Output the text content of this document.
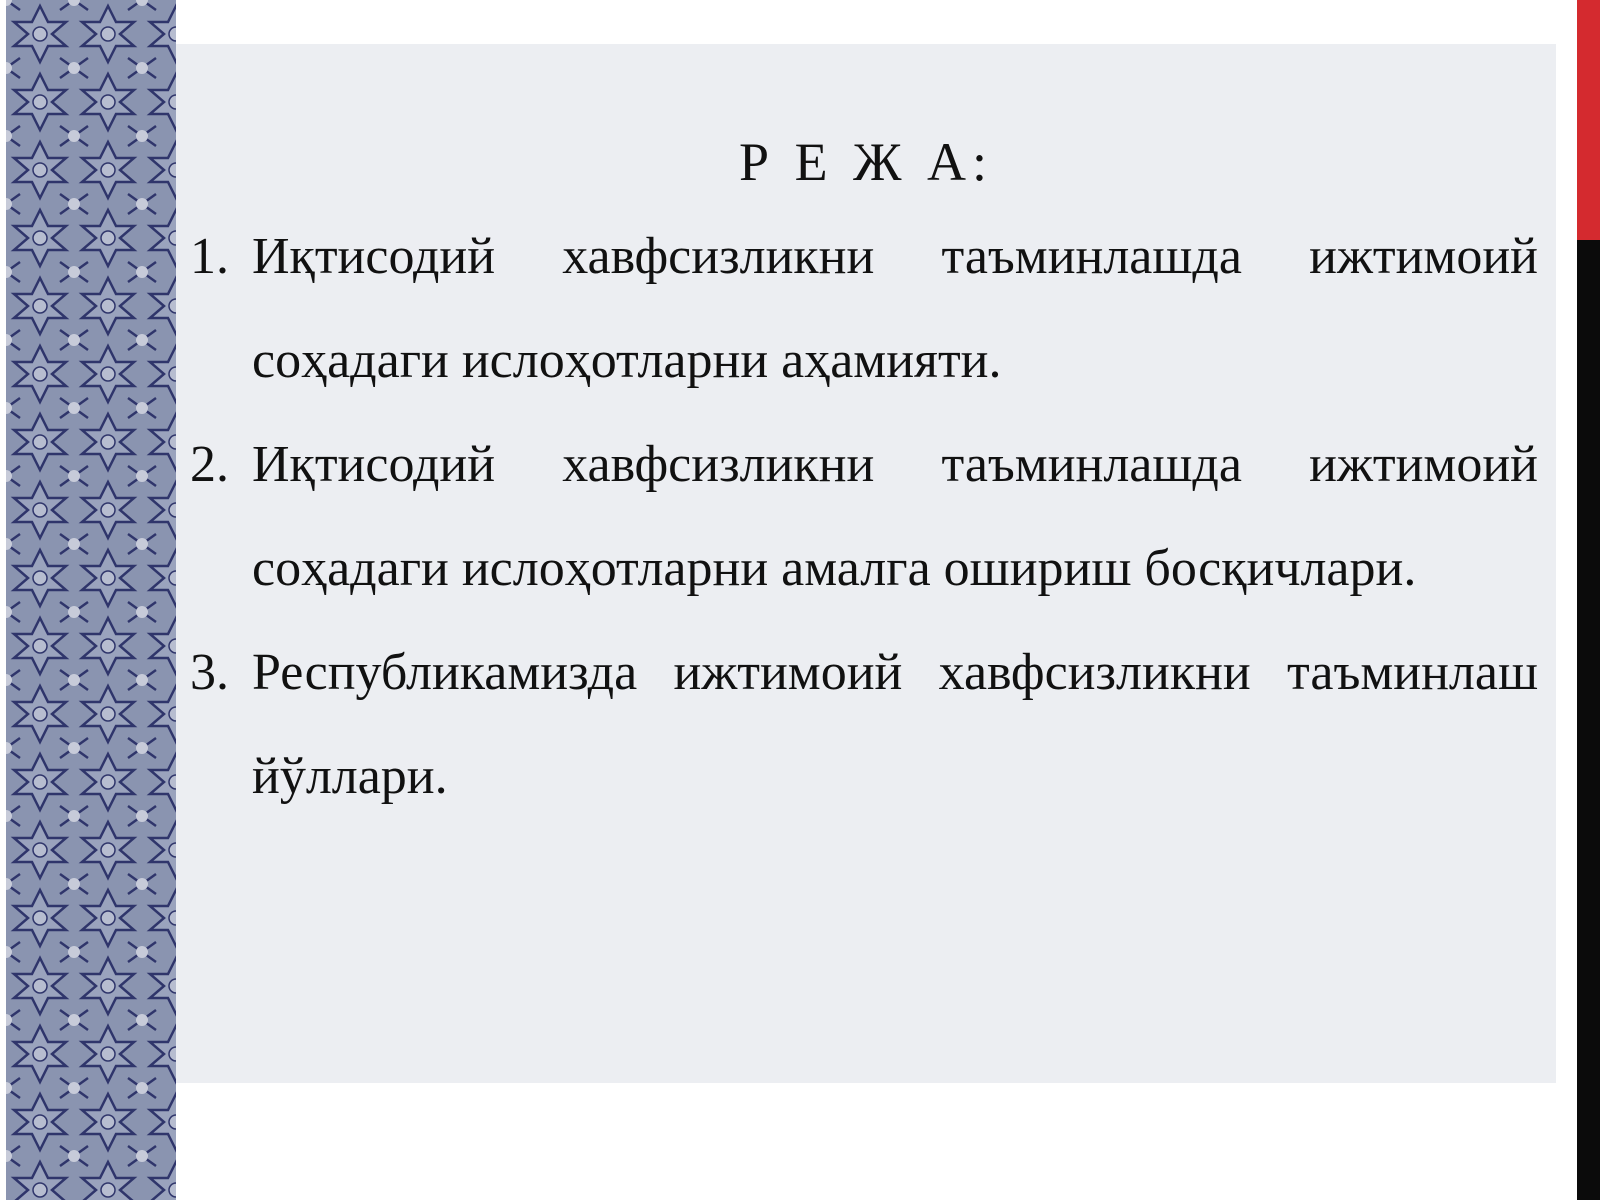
Р Е Ж А:
1. Иқтисодий хавфсизликни таъминлашда ижтимоий соҳадаги ислоҳотларни аҳамияти.
2. Иқтисодий хавфсизликни таъминлашда ижтимоий соҳадаги ислоҳотларни амалга ошириш босқичлари.
3. Республикамизда ижтимоий хавфсизликни таъминлаш йўллари.
